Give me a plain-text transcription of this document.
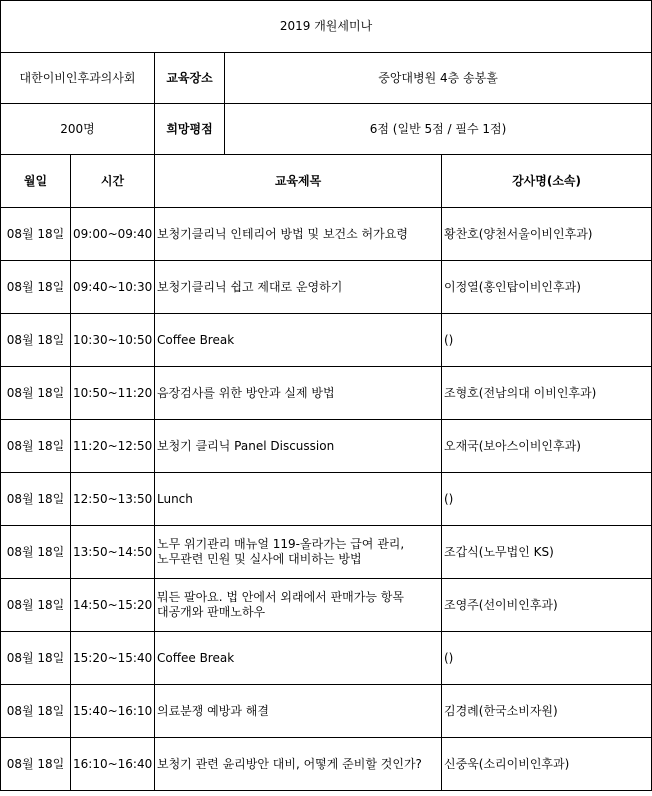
2019 개원세미나				
대한이비인후과의사회		교육장소	중앙대병원 4층 송봉홀	
200명		희망평점	6점 (일반 5점 / 필수 1점)	
월일	시간	교육제목		강사명(소속)
08월 18일	09:00~09:40	보청기클리닉 인테리어 방법 및 보건소 허가요령		황찬호(양천서울이비인후과)
08월 18일	09:40~10:30	보청기클리닉 쉽고 제대로 운영하기		이정열(홍인탑이비인후과)
08월 18일	10:30~10:50	Coffee Break		()
08월 18일	10:50~11:20	음장검사를 위한 방안과 실제 방법		조형호(전남의대 이비인후과)
08월 18일	11:20~12:50	보청기 클리닉 Panel Discussion		오재국(보아스이비인후과)
08월 18일	12:50~13:50	Lunch		()
08월 18일	13:50~14:50	노무 위기관리 매뉴얼 119-올라가는 급여 관리, 노무관련 민원 및 실사에 대비하는 방법		조갑식(노무법인 KS)
08월 18일	14:50~15:20	뭐든 팔아요. 법 안에서 외래에서 판매가능 항목 대공개와 판매노하우		조영주(선이비인후과)
08월 18일	15:20~15:40	Coffee Break		()
08월 18일	15:40~16:10	의료분쟁 예방과 해결		김경례(한국소비자원)
08월 18일	16:10~16:40	보청기 관련 윤리방안 대비, 어떻게 준비할 것인가?		신중욱(소리이비인후과)
